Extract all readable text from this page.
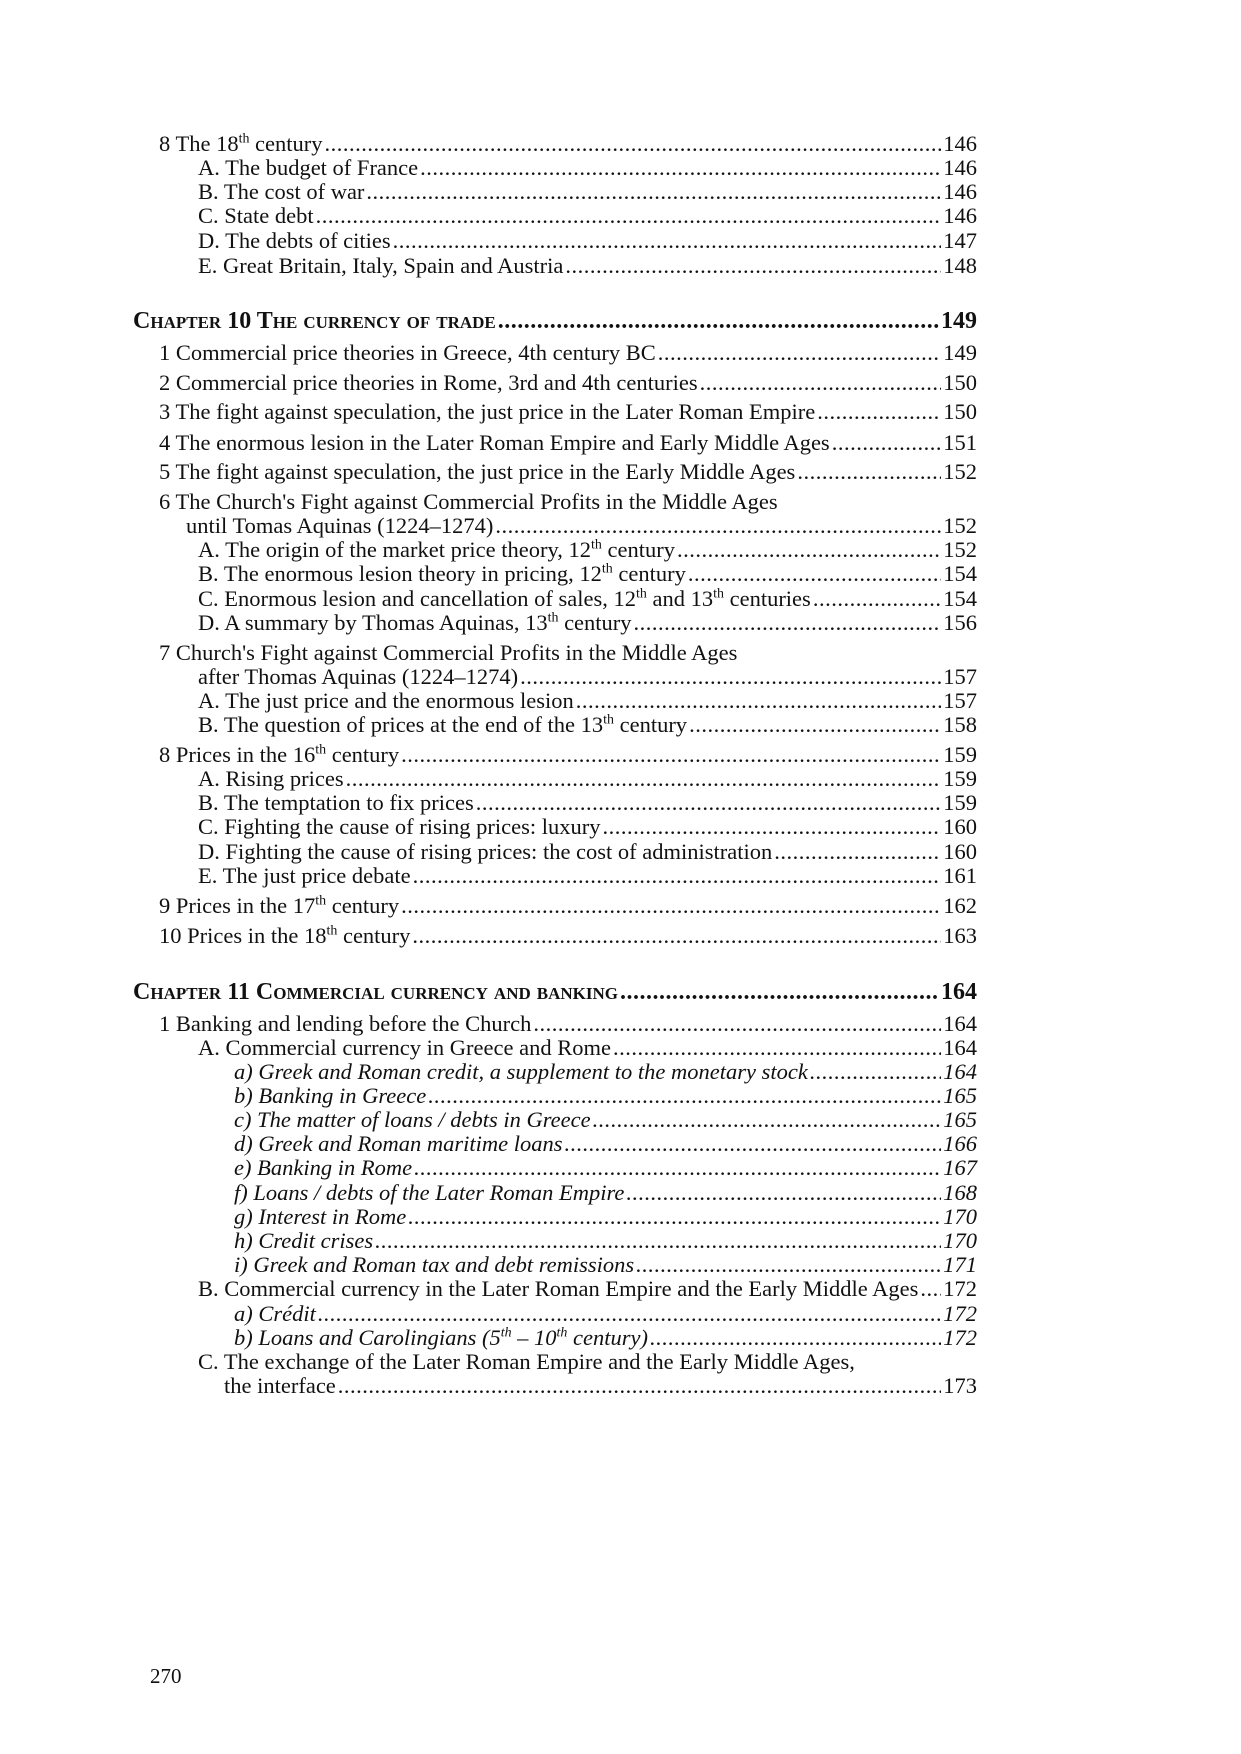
8 The 18th century .....	146
A. The budget of France .....	146
B. The cost of war .....	146
C. State debt .....	146
D. The debts of cities .....	147
E. Great Britain, Italy, Spain and Austria .....	148
Chapter 10 The currency of trade .....	149
1 Commercial price theories in Greece, 4th century BC .....	149
2 Commercial price theories in Rome, 3rd and 4th centuries .....	150
3 The fight against speculation, the just price in the Later Roman Empire .....	150
4 The enormous lesion in the Later Roman Empire and Early Middle Ages .....	151
5 The fight against speculation, the just price in the Early Middle Ages .....	152
6 The Church's Fight against Commercial Profits in the Middle Ages
until Tomas Aquinas (1224–1274) .....	152
A. The origin of the market price theory, 12th century .....	152
B. The enormous lesion theory in pricing, 12th century .....	154
C. Enormous lesion and cancellation of sales, 12th and 13th centuries .....	154
D. A summary by Thomas Aquinas, 13th century .....	156
7 Church's Fight against Commercial Profits in the Middle Ages
after Thomas Aquinas (1224–1274) .....	157
A. The just price and the enormous lesion .....	157
B. The question of prices at the end of the 13th century .....	158
8 Prices in the 16th century .....	159
A. Rising prices .....	159
B. The temptation to fix prices .....	159
C. Fighting the cause of rising prices: luxury .....	160
D. Fighting the cause of rising prices: the cost of administration .....	160
E. The just price debate .....	161
9 Prices in the 17th century .....	162
10 Prices in the 18th century .....	163
Chapter 11 Commercial currency and banking .....	164
1 Banking and lending before the Church .....	164
A. Commercial currency in Greece and Rome .....	164
a) Greek and Roman credit, a supplement to the monetary stock .....	164
b) Banking in Greece .....	165
c) The matter of loans / debts in Greece .....	165
d) Greek and Roman maritime loans .....	166
e) Banking in Rome .....	167
f) Loans / debts of the Later Roman Empire .....	168
g) Interest in Rome .....	170
h) Credit crises .....	170
i) Greek and Roman tax and debt remissions .....	171
B. Commercial currency in the Later Roman Empire and the Early Middle Ages ..... 172
a) Crédit .....	172
b) Loans and Carolingians (5th – 10th century) .....	172
C. The exchange of the Later Roman Empire and the Early Middle Ages,
the interface .....	173
270
